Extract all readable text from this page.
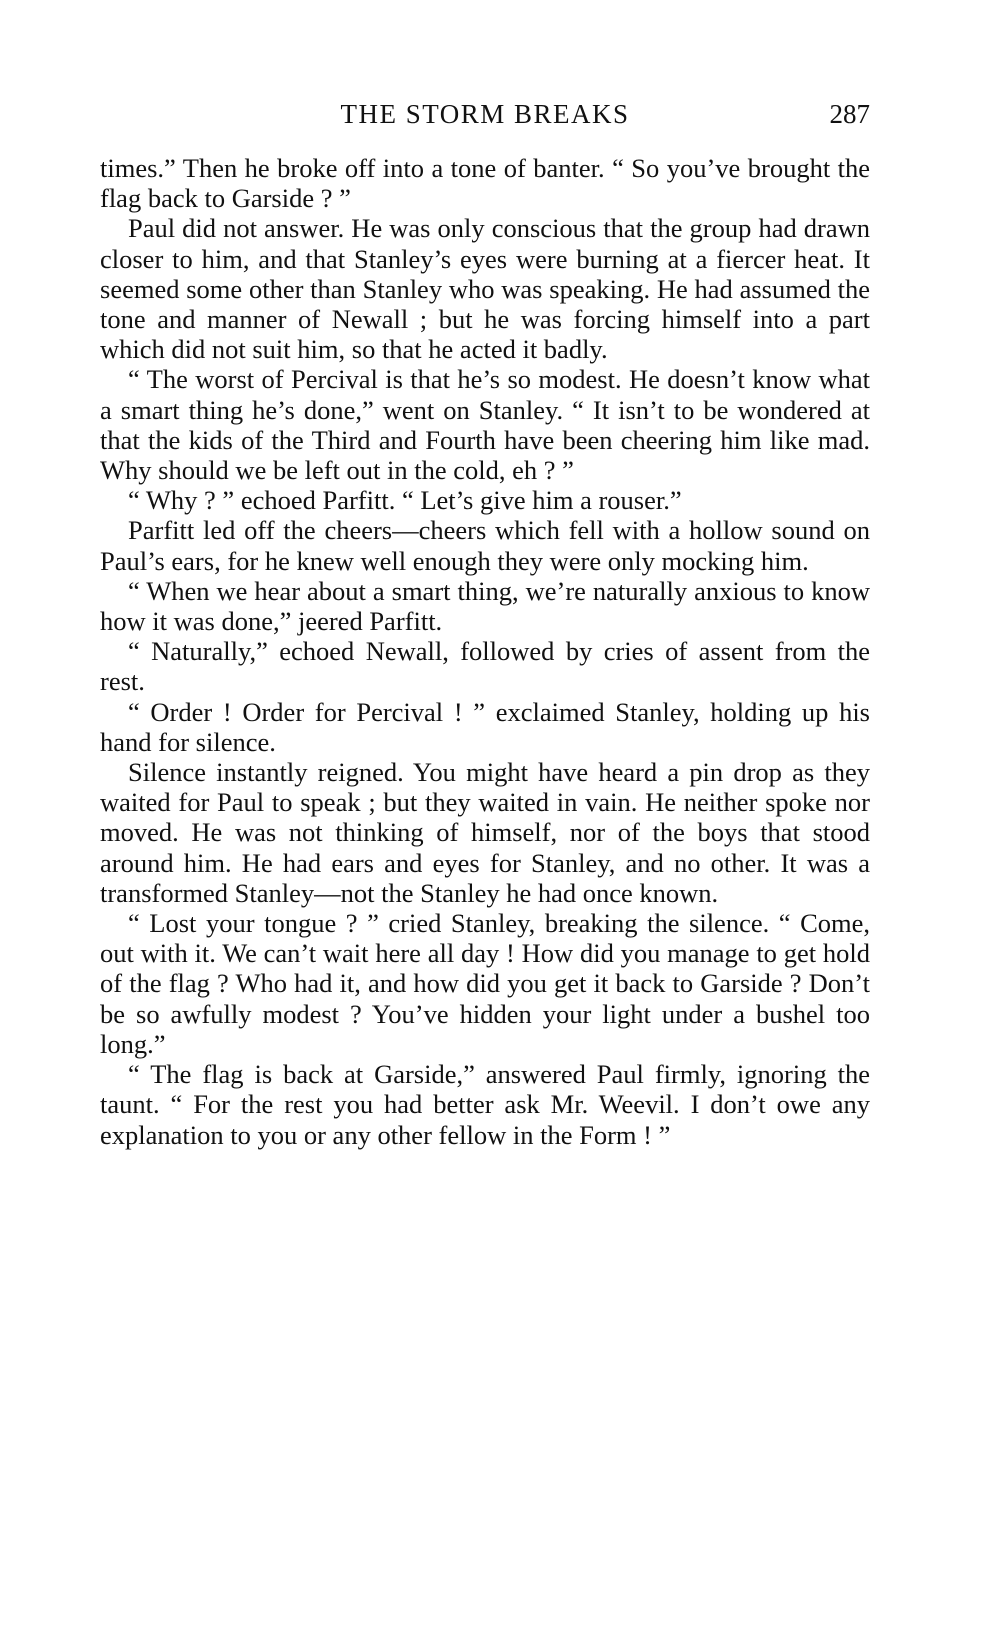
THE STORM BREAKS	287

times.” Then he broke off into a tone of banter. “ So you’ve brought the flag back to Garside ? ”

Paul did not answer. He was only conscious that the group had drawn closer to him, and that Stanley’s eyes were burning at a fiercer heat. It seemed some other than Stanley who was speaking. He had assumed the tone and manner of Newall ; but he was forcing himself into a part which did not suit him, so that he acted it badly.

“ The worst of Percival is that he’s so modest. He doesn’t know what a smart thing he’s done,” went on Stanley. “ It isn’t to be wondered at that the kids of the Third and Fourth have been cheering him like mad. Why should we be left out in the cold, eh ? ”

“ Why ? ” echoed Parfitt. “ Let’s give him a rouser.”

Parfitt led off the cheers—cheers which fell with a hollow sound on Paul’s ears, for he knew well enough they were only mocking him.

“ When we hear about a smart thing, we’re naturally anxious to know how it was done,” jeered Parfitt.

“ Naturally,” echoed Newall, followed by cries of assent from the rest.

“ Order ! Order for Percival ! ” exclaimed Stanley, holding up his hand for silence.

Silence instantly reigned. You might have heard a pin drop as they waited for Paul to speak ; but they waited in vain. He neither spoke nor moved. He was not thinking of himself, nor of the boys that stood around him. He had ears and eyes for Stanley, and no other. It was a transformed Stanley—not the Stanley he had once known.

“ Lost your tongue ? ” cried Stanley, breaking the silence. “ Come, out with it. We can’t wait here all day ! How did you manage to get hold of the flag ? Who had it, and how did you get it back to Garside ? Don’t be so awfully modest ? You’ve hidden your light under a bushel too long.”

“ The flag is back at Garside,” answered Paul firmly, ignoring the taunt. “ For the rest you had better ask Mr. Weevil. I don’t owe any explanation to you or any other fellow in the Form ! ”
